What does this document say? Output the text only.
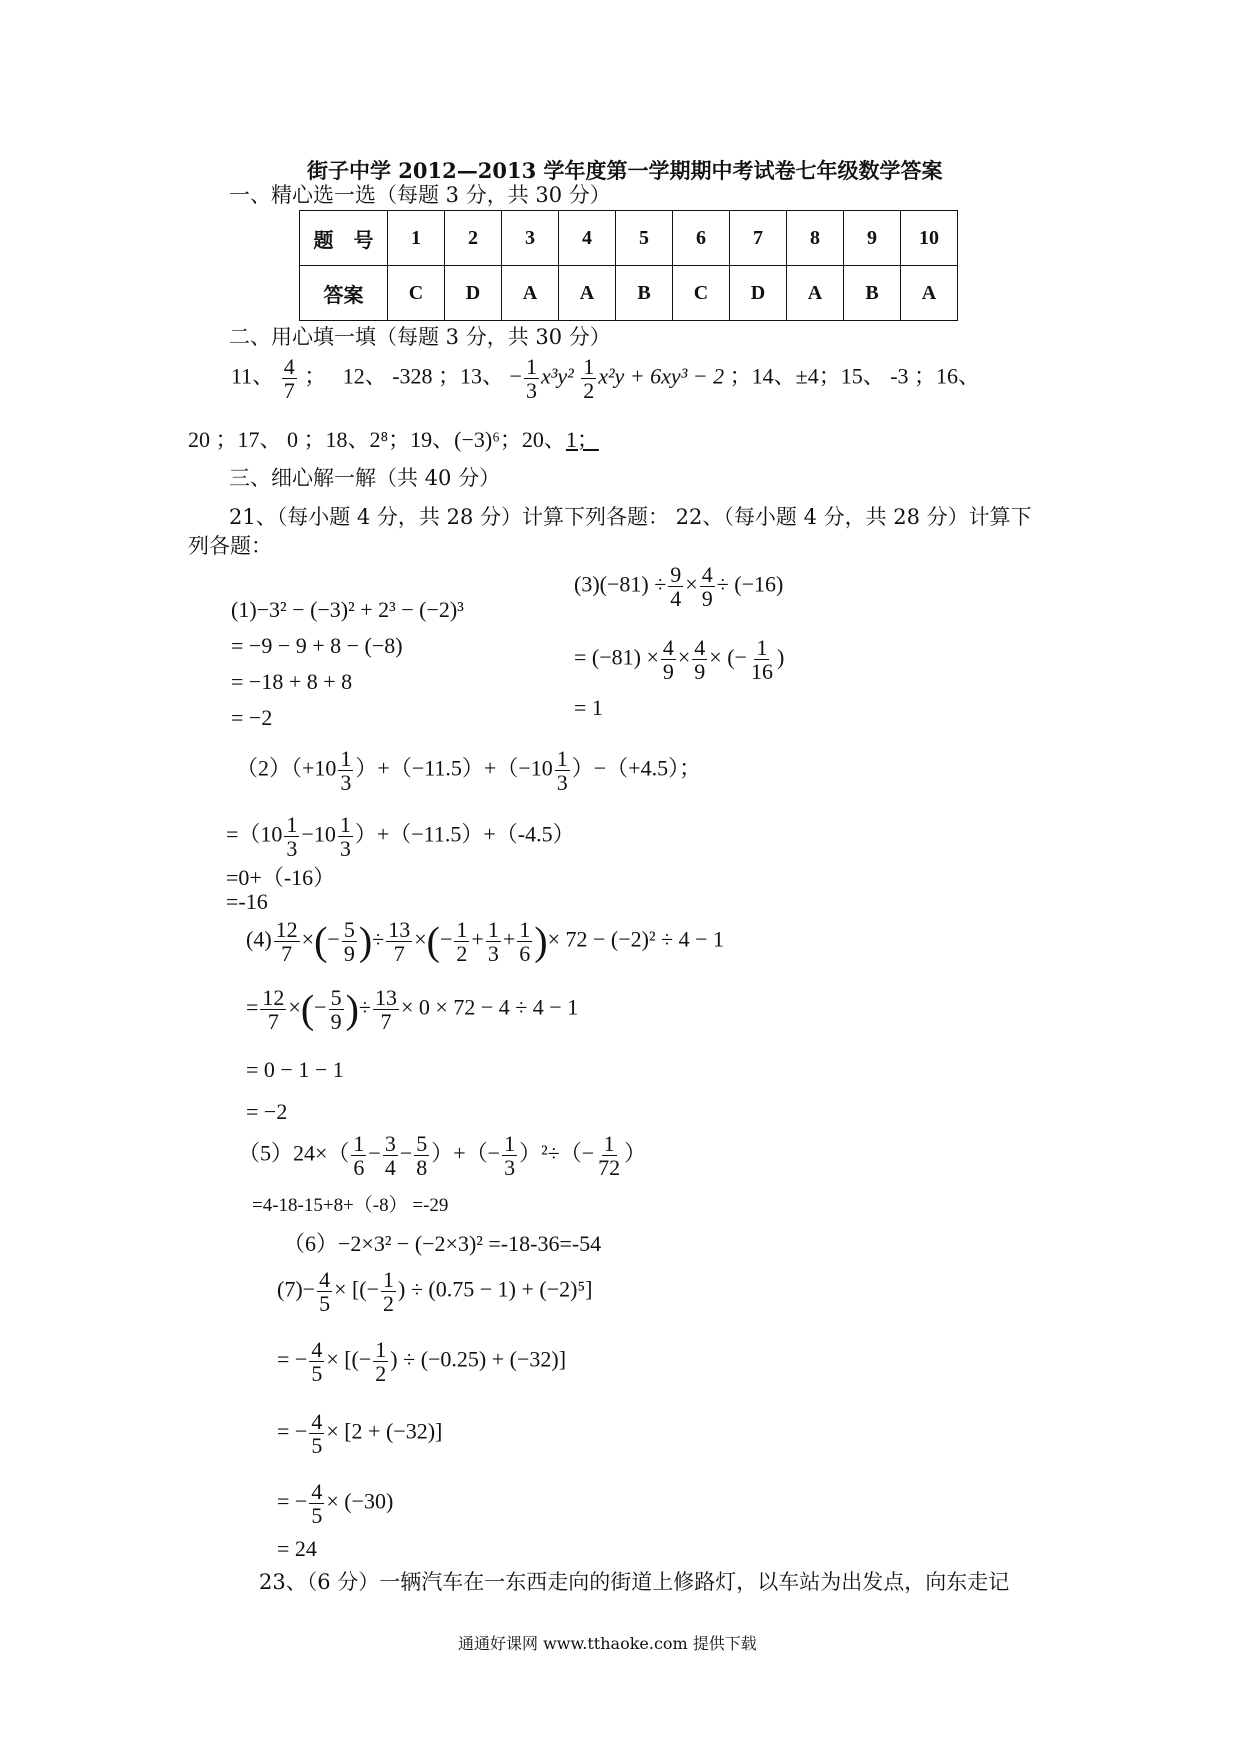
街子中学 2012—2013 学年度第一学期期中考试卷七年级数学答案
一、精心选一选（每题 3 分，共 30 分）
题　号	1	2	3	4	5	6	7	8	9	10
答案	C	D	A	A	B	C	D	A	B	A
二、用心填一填（每题 3 分，共 30 分）
11、 $\frac{4}{7}$ ； 12、 -328 ；13、 − $\frac{1}{3} x^3y^2 \frac{1}{2} x^2y + 6xy^3 - 2$ ；14、±4；15、 -3 ；16、
20 ；17、 0 ；18、2⁸；19、(−3)⁶；20、1；
三、细心解一解（共 40 分）
21、（每小题 4 分，共 28 分）计算下列各题： 22、（每小题 4 分，共 28 分）计算下
列各题：
(1)−3² − (−3)² + 2³ − (−2)³
= −9 − 9 + 8 − (−8)
= −18 + 8 + 8
= −2
$(3)(-81) \div \frac{9}{4} \times \frac{4}{9} \div (-16)$
= $(-81) \times \frac{4}{9} \times \frac{4}{9}$ × (− $\frac{1}{16}$ )
= 1
$(2)(+10 \frac{1}{3} )+(-11.5)+(-10 \frac{1}{3} )-(+4.5)$；
$=(10 \frac{1}{3} -10 \frac{1}{3} )+(-11.5)+(-4.5)$
=0+（-16）
=-16
$(4) \frac{12}{7}$ ×(− $\frac{5}{9}$ )÷ $\frac{13}{7}$ ×(− $\frac{1}{2} + \frac{1}{3} + \frac{1}{6}$ )× 72 − (−2)² ÷ 4 − 1
= $\frac{12}{7}$ ×(− $\frac{5}{9}$ )÷ $\frac{13}{7} \times 0 \times 72 - 4 \div 4 - 1$
= 0 − 1 − 1
= −2
$(5)24\times( \frac{1}{6} - \frac{3}{4} - \frac{5}{8}$ ）+（− $\frac{1}{3} )^2\div(- \frac{1}{72}$ ）
=4-18-15+8+（-8） =-29
（6）−2×3² − (−2×3)² =-18-36=-54
$(7)- \frac{4}{5}$ × [(− $\frac{1}{2}$ ) ÷ (0.75 − 1) + (−2)⁵]
= − $\frac{4}{5}$ × [(− $\frac{1}{2}$ ) ÷ (−0.25) + (−32)]
= − $\frac{4}{5} \times [2 + (-32)]$
= − $\frac{4}{5} \times (-30)$
= 24
23、（6 分）一辆汽车在一东西走向的街道上修路灯，以车站为出发点，向东走记
通通好课网 www.tthaoke.com 提供下载
